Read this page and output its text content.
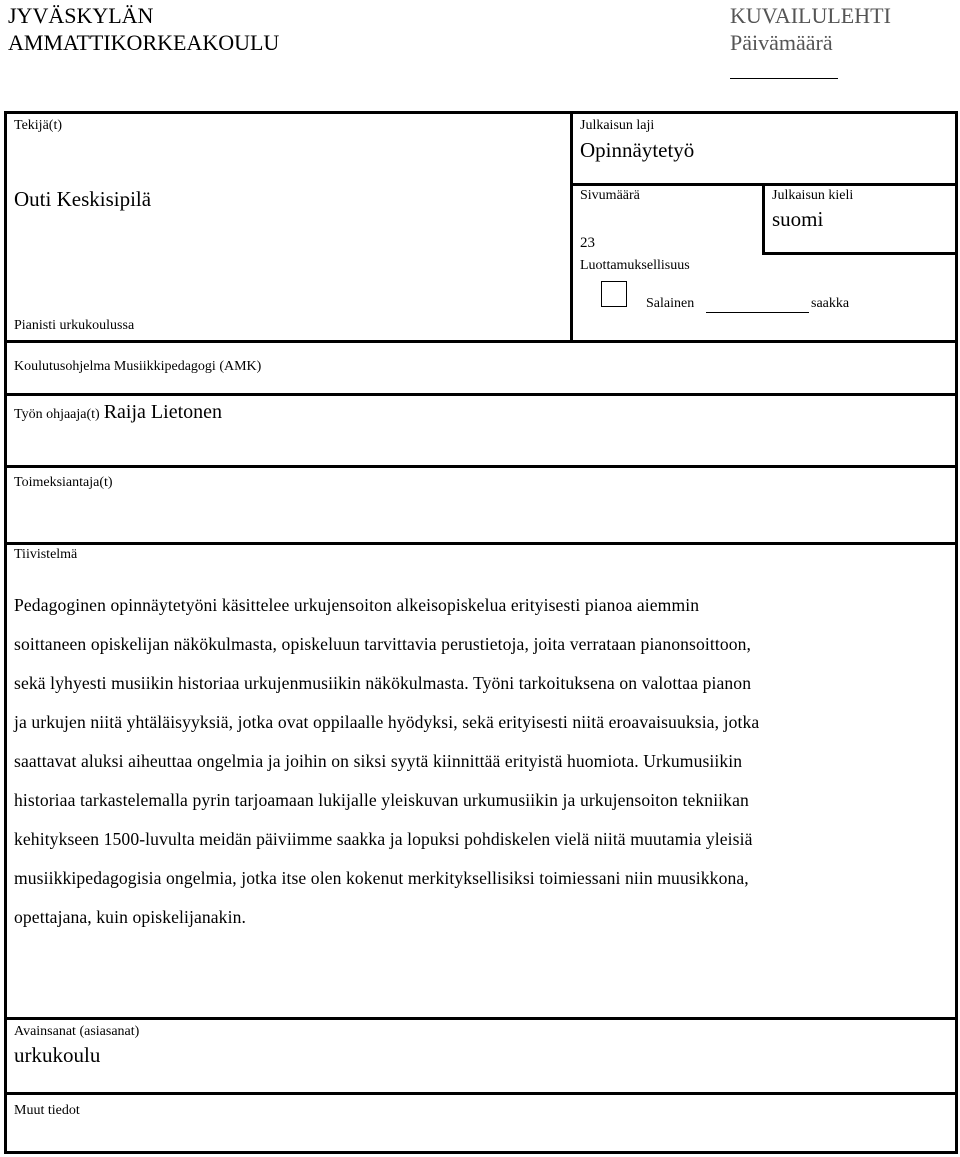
JYVÄSKYLÄN
AMMATTIKORKEAKOULU
KUVAILULEHTI
Päivämäärä
Tekijä(t)
Outi Keskisipilä
Julkaisun laji
Opinnäytetyö
Sivumäärä
23
Julkaisun kieli
suomi
Luottamuksellisuus
Salainen	saakka
Pianisti urkukoulussa
Koulutusohjelma Musiikkipedagogi (AMK)
Työn ohjaaja(t) Raija Lietonen
Toimeksiantaja(t)
Tiivistelmä

Pedagoginen opinnäytetyöni käsittelee urkujensoiton alkeisopiskelua erityisesti pianoa aiemmin

soittaneen opiskelijan näkökulmasta, opiskeluun tarvittavia perustietoja, joita verrataan pianonsoittoon,

sekä lyhyesti musiikin historiaa urkujenmusiikin näkökulmasta. Työni tarkoituksena on valottaa pianon

ja urkujen niitä yhtäläisyyksiä, jotka ovat oppilaalle hyödyksi, sekä erityisesti niitä eroavaisuuksia, jotka

saattavat aluksi aiheuttaa ongelmia ja joihin on siksi syytä kiinnittää erityistä huomiota. Urkumusiikin

historiaa tarkastelemalla pyrin tarjoamaan lukijalle yleiskuvan urkumusiikin ja urkujensoiton tekniikan

kehitykseen 1500-luvulta meidän päiviimme saakka ja lopuksi pohdiskelen vielä niitä muutamia yleisiä

musiikkipedagogisia ongelmia, jotka itse olen kokenut merkityksellisiksi toimiessani niin muusikkona,

opettajana, kuin opiskelijanakin.

Avainsanat (asiasanat)
urkukoulu
Muut tiedot
